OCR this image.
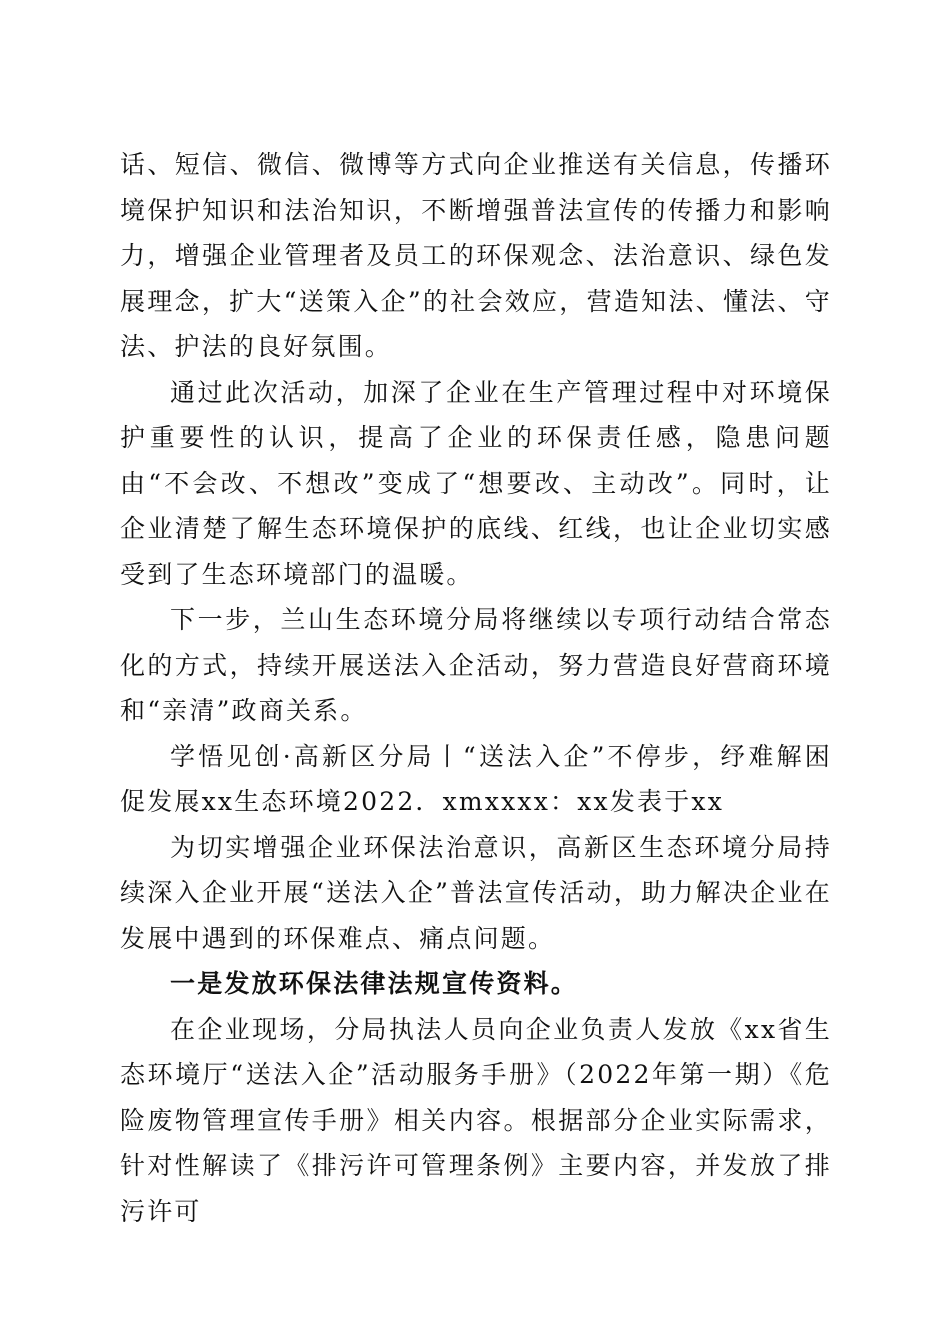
话、短信、微信、微博等方式向企业推送有关信息，传播环境保护知识和法治知识，不断增强普法宣传的传播力和影响力，增强企业管理者及员工的环保观念、法治意识、绿色发展理念，扩大“送策入企”的社会效应，营造知法、懂法、守法、护法的良好氛围。

通过此次活动，加深了企业在生产管理过程中对环境保护重要性的认识，提高了企业的环保责任感，隐患问题由“不会改、不想改”变成了“想要改、主动改”。同时，让企业清楚了解生态环境保护的底线、红线，也让企业切实感受到了生态环境部门的温暖。

下一步，兰山生态环境分局将继续以专项行动结合常态化的方式，持续开展送法入企活动，努力营造良好营商环境和“亲清”政商关系。

学悟见创·高新区分局丨“送法入企”不停步，纾难解困促发展xx生态环境2022．xmxxxx：xx发表于xx

为切实增强企业环保法治意识，高新区生态环境分局持续深入企业开展“送法入企”普法宣传活动，助力解决企业在发展中遇到的环保难点、痛点问题。

一是发放环保法律法规宣传资料。

在企业现场，分局执法人员向企业负责人发放《xx省生态环境厅“送法入企”活动服务手册》（2022年第一期）《危险废物管理宣传手册》相关内容。根据部分企业实际需求，针对性解读了《排污许可管理条例》主要内容，并发放了排污许可
